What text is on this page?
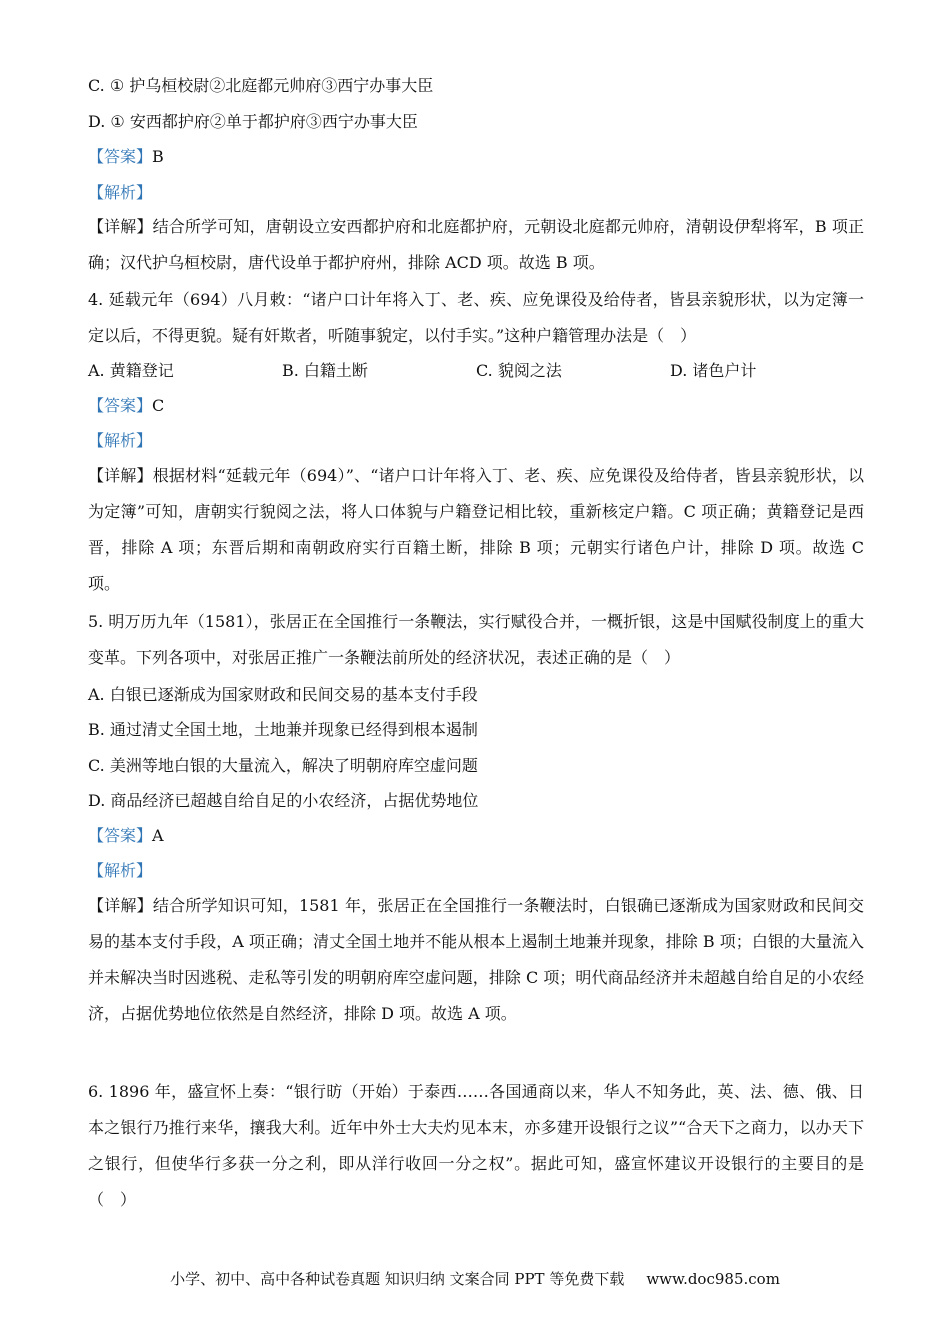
C. ① 护乌桓校尉②北庭都元帅府③西宁办事大臣
D. ① 安西都护府②单于都护府③西宁办事大臣
【答案】B
【解析】
【详解】结合所学可知，唐朝设立安西都护府和北庭都护府，元朝设北庭都元帅府，清朝设伊犁将军，B 项正确；汉代护乌桓校尉，唐代设单于都护府州，排除 ACD 项。故选 B 项。
4. 延载元年（694）八月敕：“诸户口计年将入丁、老、疾、应免课役及给侍者，皆县亲貌形状，以为定簿一定以后，不得更貌。疑有奸欺者，听随事貌定，以付手实。”这种户籍管理办法是（　）
A. 黄籍登记	B. 白籍土断	C. 貌阅之法	D. 诸色户计
【答案】C
【解析】
【详解】根据材料“延载元年（694）”、“诸户口计年将入丁、老、疾、应免课役及给侍者，皆县亲貌形状，以为定簿”可知，唐朝实行貌阅之法，将人口体貌与户籍登记相比较，重新核定户籍。C 项正确；黄籍登记是西晋，排除 A 项；东晋后期和南朝政府实行百籍土断，排除 B 项；元朝实行诸色户计，排除 D 项。故选 C 项。
5. 明万历九年（1581），张居正在全国推行一条鞭法，实行赋役合并，一概折银，这是中国赋役制度上的重大变革。下列各项中，对张居正推广一条鞭法前所处的经济状况，表述正确的是（　）
A. 白银已逐渐成为国家财政和民间交易的基本支付手段
B. 通过清丈全国土地，土地兼并现象已经得到根本遏制
C. 美洲等地白银的大量流入，解决了明朝府库空虚问题
D. 商品经济已超越自给自足的小农经济，占据优势地位
【答案】A
【解析】
【详解】结合所学知识可知，1581 年，张居正在全国推行一条鞭法时，白银确已逐渐成为国家财政和民间交易的基本支付手段，A 项正确；清丈全国土地并不能从根本上遏制土地兼并现象，排除 B 项；白银的大量流入并未解决当时因逃税、走私等引发的明朝府库空虚问题，排除 C 项；明代商品经济并未超越自给自足的小农经济，占据优势地位依然是自然经济，排除 D 项。故选 A 项。
6. 1896 年，盛宣怀上奏：“银行昉（开始）于泰西……各国通商以来，华人不知务此，英、法、德、俄、日本之银行乃推行来华，攘我大利。近年中外士大夫灼见本末，亦多建开设银行之议”“合天下之商力，以办天下之银行，但使华行多获一分之利，即从洋行收回一分之权”。据此可知，盛宣怀建议开设银行的主要目的是（　）
小学、初中、高中各种试卷真题 知识归纳 文案合同 PPT 等免费下载 www.doc985.com
